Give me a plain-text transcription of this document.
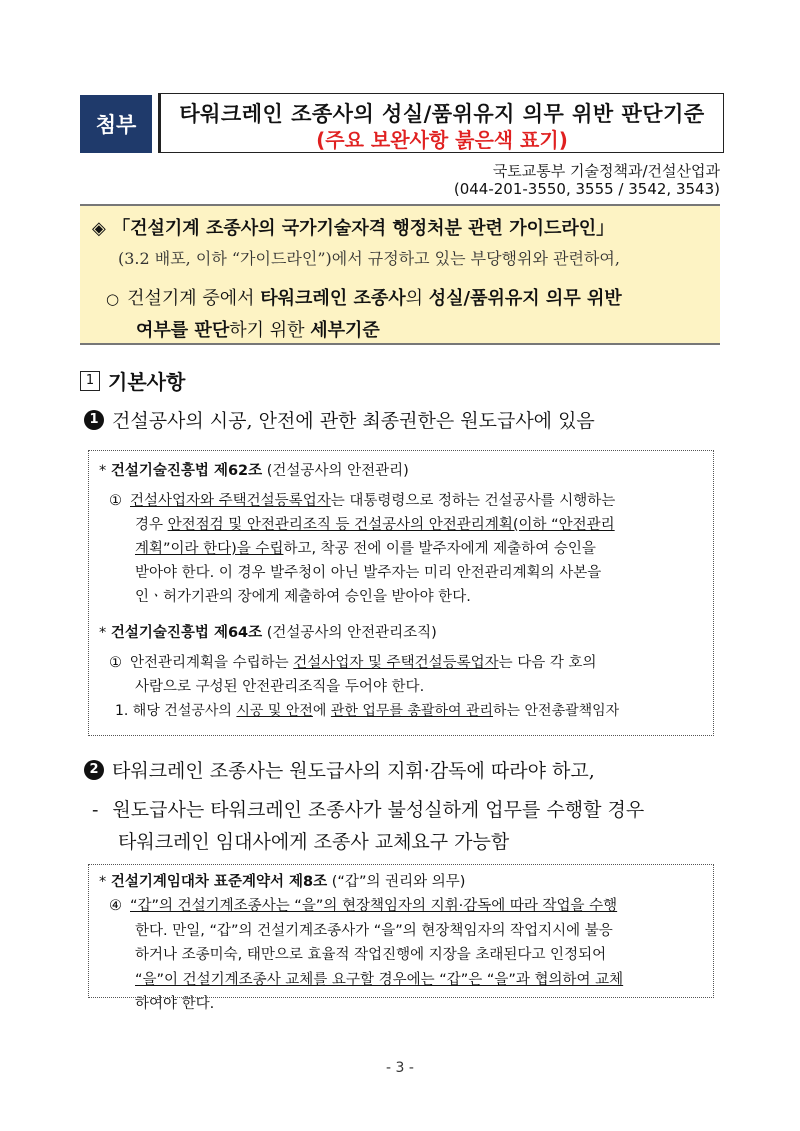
첨부	타워크레인 조종사의 성실/품위유지 의무 위반 판단기준
(주요 보완사항 붉은색 표기)
국토교통부 기술정책과/건설산업과
(044-201-3550, 3555 / 3542, 3543)
◈ 「건설기계 조종사의 국가기술자격 행정처분 관련 가이드라인」
(3.2 배포, 이하 “가이드라인”)에서 규정하고 있는 부당행위와 관련하여,
○ 건설기계 중에서 타워크레인 조종사의 성실/품위유지 의무 위반
여부를 판단하기 위한 세부기준
1 기본사항
1 건설공사의 시공, 안전에 관한 최종권한은 원도급사에 있음
* 건설기술진흥법 제62조 (건설공사의 안전관리)
① 건설사업자와 주택건설등록업자는 대통령령으로 정하는 건설공사를 시행하는
경우 안전점검 및 안전관리조직 등 건설공사의 안전관리계획(이하 “안전관리
계획”이라 한다)을 수립하고, 착공 전에 이를 발주자에게 제출하여 승인을
받아야 한다. 이 경우 발주청이 아닌 발주자는 미리 안전관리계획의 사본을
인ㆍ허가기관의 장에게 제출하여 승인을 받아야 한다.
* 건설기술진흥법 제64조 (건설공사의 안전관리조직)
① 안전관리계획을 수립하는 건설사업자 및 주택건설등록업자는 다음 각 호의
사람으로 구성된 안전관리조직을 두어야 한다.
1. 해당 건설공사의 시공 및 안전에 관한 업무를 총괄하여 관리하는 안전총괄책임자
2 타워크레인 조종사는 원도급사의 지휘·감독에 따라야 하고,
- 원도급사는 타워크레인 조종사가 불성실하게 업무를 수행할 경우
타워크레인 임대사에게 조종사 교체요구 가능함
* 건설기계임대차 표준계약서 제8조 (“갑”의 권리와 의무)
④ “갑”의 건설기계조종사는 “을”의 현장책임자의 지휘·감독에 따라 작업을 수행
한다. 만일, “갑”의 건설기계조종사가 “을”의 현장책임자의 작업지시에 불응
하거나 조종미숙, 태만으로 효율적 작업진행에 지장을 초래된다고 인정되어
“을”이 건설기계조종사 교체를 요구할 경우에는 “갑”은 “을”과 협의하여 교체
하여야 한다.
- 3 -
